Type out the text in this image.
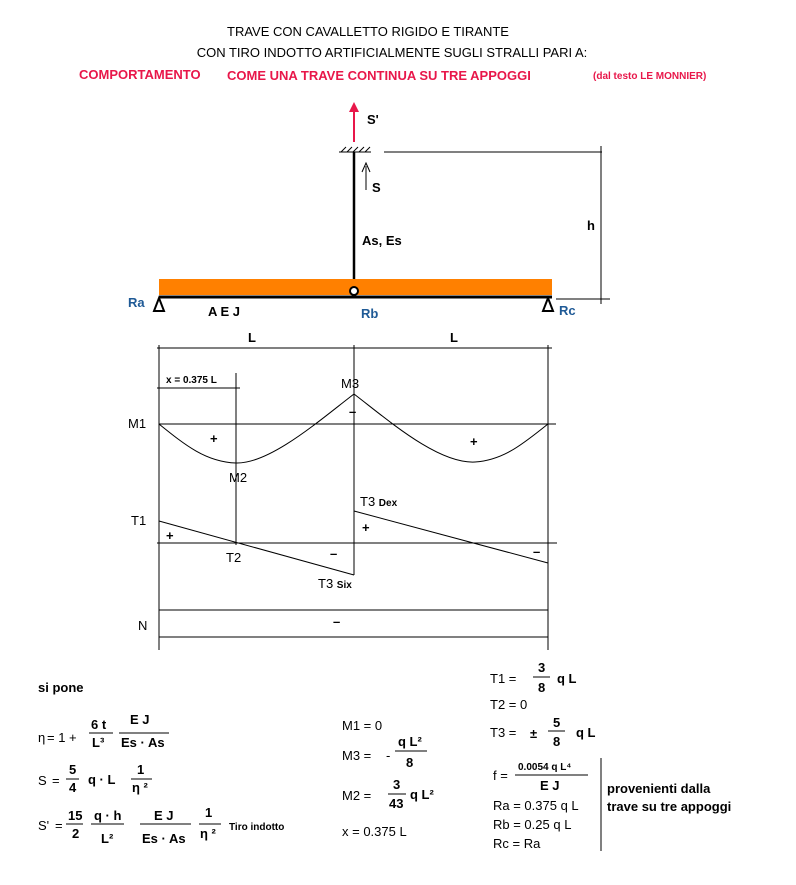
TRAVE CON CAVALLETTO RIGIDO E TIRANTE
CON TIRO INDOTTO ARTIFICIALMENTE SUGLI STRALLI PARI A:
COMPORTAMENTO COME UNA TRAVE CONTINUA SU TRE APPOGGI	(dal testo LE MONNIER)
S'
S
As, Es
h
Ra
Rb	Rc
A E J
L	L
x = 0.375 L
M1
M3
M2
+
–
+
T1
T2
T3 Dex
T3 Six
+
–
+
–
N	–
si pone
η = 1 +
6 t
L³
E J
Es · As
S =
5
4
q · L
1
η ²
S' =
15
2
q · h
L²
E J
Es · As
1
η ² Tiro indotto
M1 = 0
M3 = -
q L²
8
M2 =
3
43
q L²
x = 0.375 L
T1 =
3
8
q L
T2 = 0
T3 = ±
5
8
q L
f =
0.0054 q L⁴
E J
Ra = 0.375 q L
Rb = 0.25 q L
Rc = Ra
provenienti dalla
trave su tre appoggi
